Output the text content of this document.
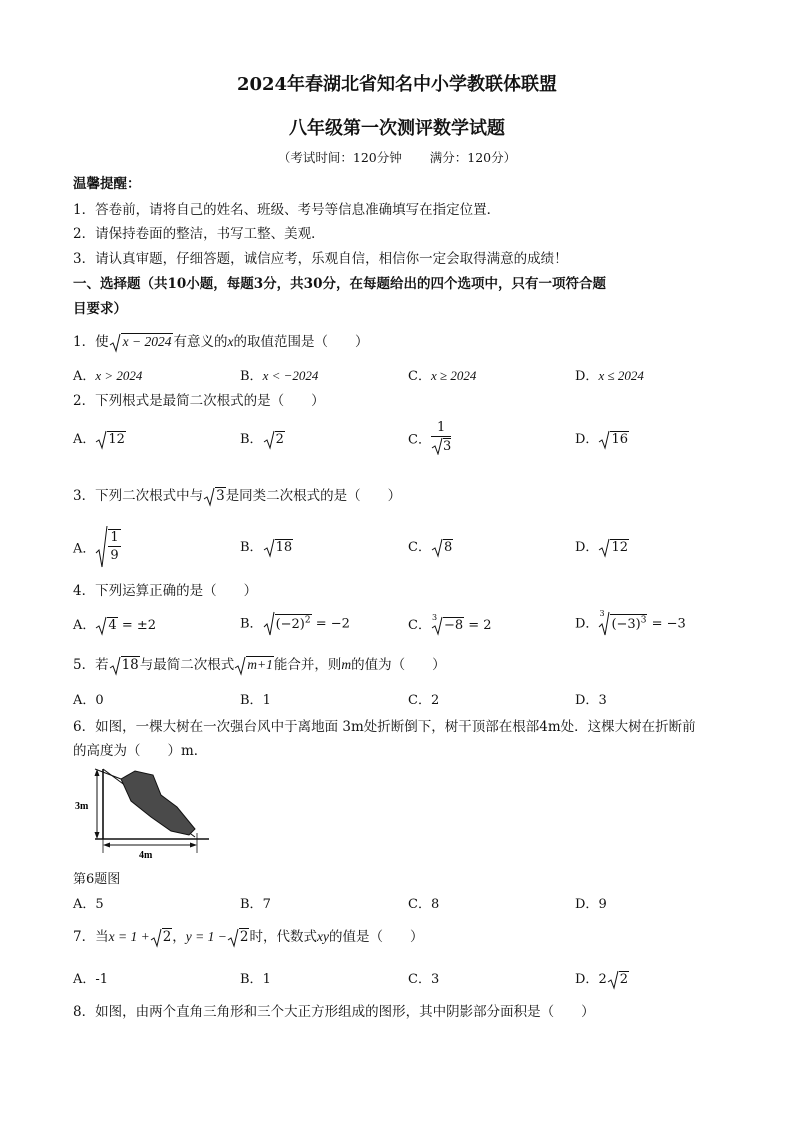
2024年春湖北省知名中小学教联体联盟
八年级第一次测评数学试题
（考试时间：120分钟 满分：120分）
温馨提醒：
1．答卷前，请将自己的姓名、班级、考号等信息准确填写在指定位置．
2．请保持卷面的整洁，书写工整、美观．
3．请认真审题，仔细答题，诚信应考，乐观自信，相信你一定会取得满意的成绩！
一、选择题（共10小题，每题3分，共30分，在每题给出的四个选项中，只有一项符合题
目要求）
1．使 x − 2024 有意义的x的取值范围是（　　）
A．x > 2024	B．x < −2024	C．x ≥ 2024	D．x ≤ 2024
2．下列根式是最简二次根式的是（　　）
A． 12	B． 2	C． $\frac{1}{3}$	D． 16
3．下列二次根式中与 3是同类二次根式的是（　　）
A． $\frac{1}{9}$	B． 18	C． 8	D． 12
4．下列运算正确的是（　　）
A． 4 = ±2	B． $(-2)^2 = -2$	C．
3
−8 = 2	D．
3
$(-3)^3 = -3$
5．若 18与最简二次根式 m+1能合并，则m的值为（　　）
A．0	B．1	C．2	D．3
6．如图，一棵大树在一次强台风中于离地面 3m处折断倒下，树干顶部在根部4m处．这棵大树在折断前
的高度为（　　）m．
3m
4m
第6题图
A．5	B．7	C．8	D．9
7．当x = 1 + 2，y = 1 − 2时，代数式xy的值是（　　）
A．-1	B．1	C．3	D．2 2
8．如图，由两个直角三角形和三个大正方形组成的图形，其中阴影部分面积是（　　）
